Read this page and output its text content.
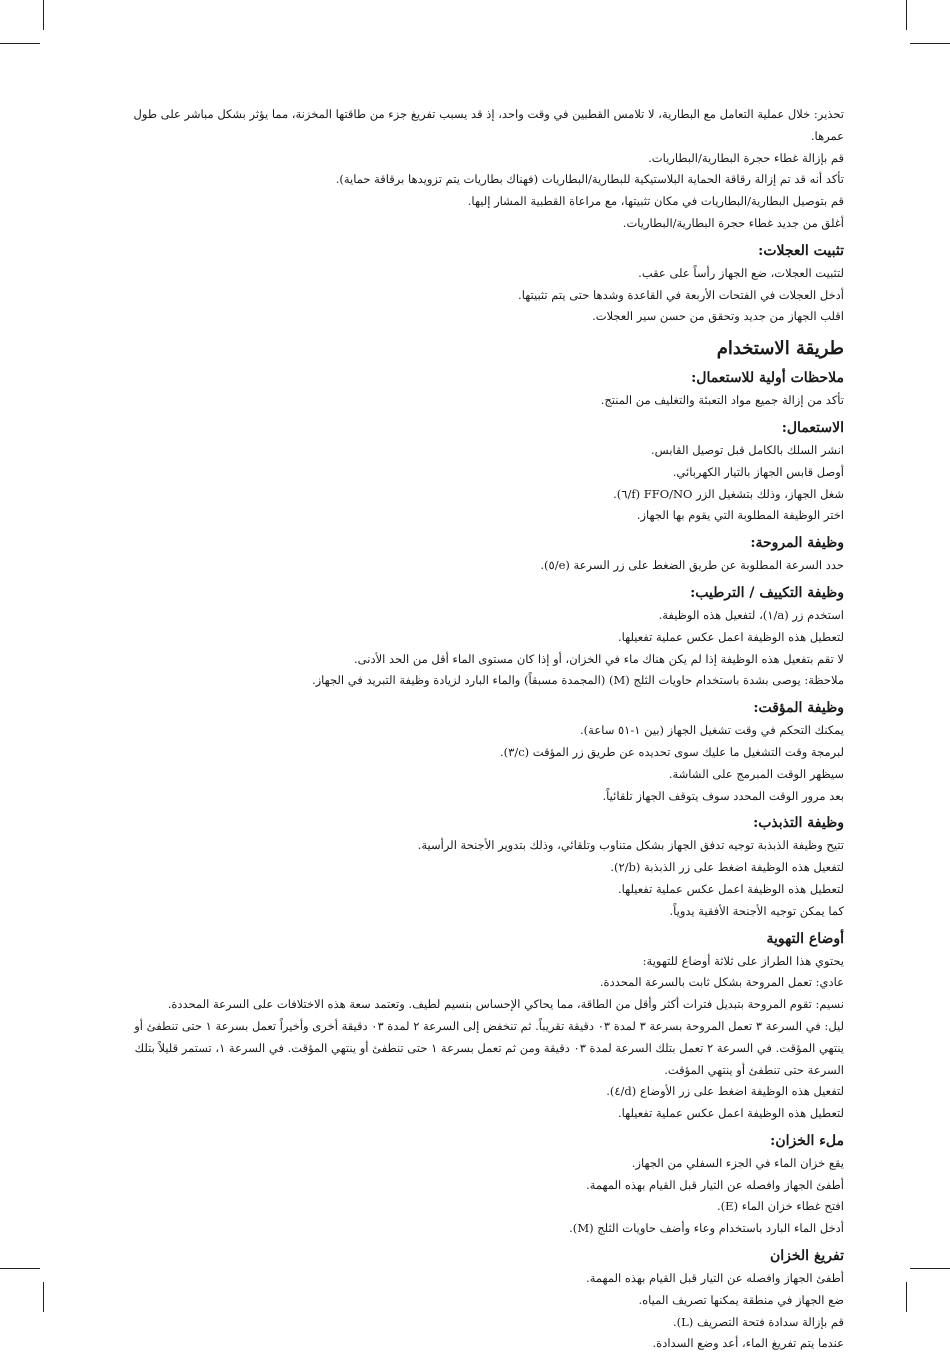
تحذير: خلال عملية التعامل مع البطارية، لا تلامس القطبين في وقت واحد، إذ قد يسبب تفريغ جزء من طاقتها المخزنة، مما يؤثر بشكل مباشر على طول عمرها.

قم بإزالة غطاء حجرة البطارية/البطاريات.

تأكد أنه قد تم إزالة رقاقة الحماية البلاستيكية للبطارية/البطاريات (فهناك بطاريات يتم تزويدها برقاقة حماية).

قم بتوصيل البطارية/البطاريات في مكان تثبيتها، مع مراعاة القطبية المشار إليها.

أغلق من جديد غطاء حجرة البطارية/البطاريات.

تثبيت العجلات:

لتثبيت العجلات، ضع الجهاز رأساً على عقب.

أدخل العجلات في الفتحات الأربعة في القاعدة وشدها حتى يتم تثبيتها.

اقلب الجهاز من جديد وتحقق من حسن سير العجلات.

طريقة الاستخدام
ملاحظات أولية للاستعمال:

تأكد من إزالة جميع مواد التعبئة والتغليف من المنتج.

الاستعمال:

انشر السلك بالكامل قبل توصيل القابس.

أوصل قابس الجهاز بالتيار الكهربائي.

شغل الجهاز، وذلك بتشغيل الزر FFO/NO (f/٦).

اختر الوظيفة المطلوبة التي يقوم بها الجهاز.

وظيفة المروحة:

حدد السرعة المطلوبة عن طريق الضغط على زر السرعة (e/٥).

وظيفة التكييف / الترطيب:

استخدم زر (a/١)، لتفعيل هذه الوظيفة.

لتعطيل هذه الوظيفة اعمل عكس عملية تفعيلها.

لا تقم بتفعيل هذه الوظيفة إذا لم يكن هناك ماء في الخزان، أو إذا كان مستوى الماء أقل من الحد الأدنى.

ملاحظة: يوصى بشدة باستخدام حاويات الثلج (M) (المجمدة مسبقاً) والماء البارد لزيادة وظيفة التبريد في الجهاز.

وظيفة المؤقت:

يمكنك التحكم في وقت تشغيل الجهاز (بين ١-٥١ ساعة).

لبرمجة وقت التشغيل ما عليك سوى تحديده عن طريق زر المؤقت (c/٣).

سيظهر الوقت المبرمج على الشاشة.

بعد مرور الوقت المحدد سوف يتوقف الجهاز تلقائياً.

وظيفة التذبذب:

تتيح وظيفة الذبذبة توجيه تدفق الجهاز بشكل متناوب وتلقائي، وذلك بتدوير الأجنحة الرأسية.

لتفعيل هذه الوظيفة اضغط على زر الذبذبة (b/٢).

لتعطيل هذه الوظيفة اعمل عكس عملية تفعيلها.

كما يمكن توجيه الأجنحة الأفقية يدوياً.

أوضاع التهوية

يحتوي هذا الطراز على ثلاثة أوضاع للتهوية:

عادي: تعمل المروحة بشكل ثابت بالسرعة المحددة.

نسيم: تقوم المروحة بتبديل فترات أكثر وأقل من الطاقة، مما يحاكي الإحساس بنسيم لطيف. وتعتمد سعة هذه الاختلافات على السرعة المحددة.

ليل: في السرعة ٣ تعمل المروحة بسرعة ٣ لمدة ٠٣ دقيقة تقريباً. ثم تنخفض إلى السرعة ٢ لمدة ٠٣ دقيقة أخرى وأخيراً تعمل بسرعة ١ حتى تنطفئ أو ينتهي المؤقت. في السرعة ٢ تعمل بتلك السرعة لمدة ٠٣ دقيقة ومن ثم تعمل بسرعة ١ حتى تنطفئ أو ينتهي المؤقت. في السرعة ١، تستمر قليلاً بتلك السرعة حتى تنطفئ أو ينتهي المؤقت.

لتفعيل هذه الوظيفة اضغط على زر الأوضاع (d/٤).

لتعطيل هذه الوظيفة اعمل عكس عملية تفعيلها.

ملء الخزان:

يقع خزان الماء في الجزء السفلي من الجهاز.

أطفئ الجهاز وافصله عن التيار قبل القيام بهذه المهمة.

افتح غطاء خزان الماء (E).

أدخل الماء البارد باستخدام وعاء وأضف حاويات الثلج (M).

تفريغ الخزان

أطفئ الجهاز وافصله عن التيار قبل القيام بهذه المهمة.

ضع الجهاز في منطقة يمكنها تصريف المياه.

قم بإزالة سدادة فتحة التصريف (L).

عندما يتم تفريغ الماء، أعد وضع السدادة.
